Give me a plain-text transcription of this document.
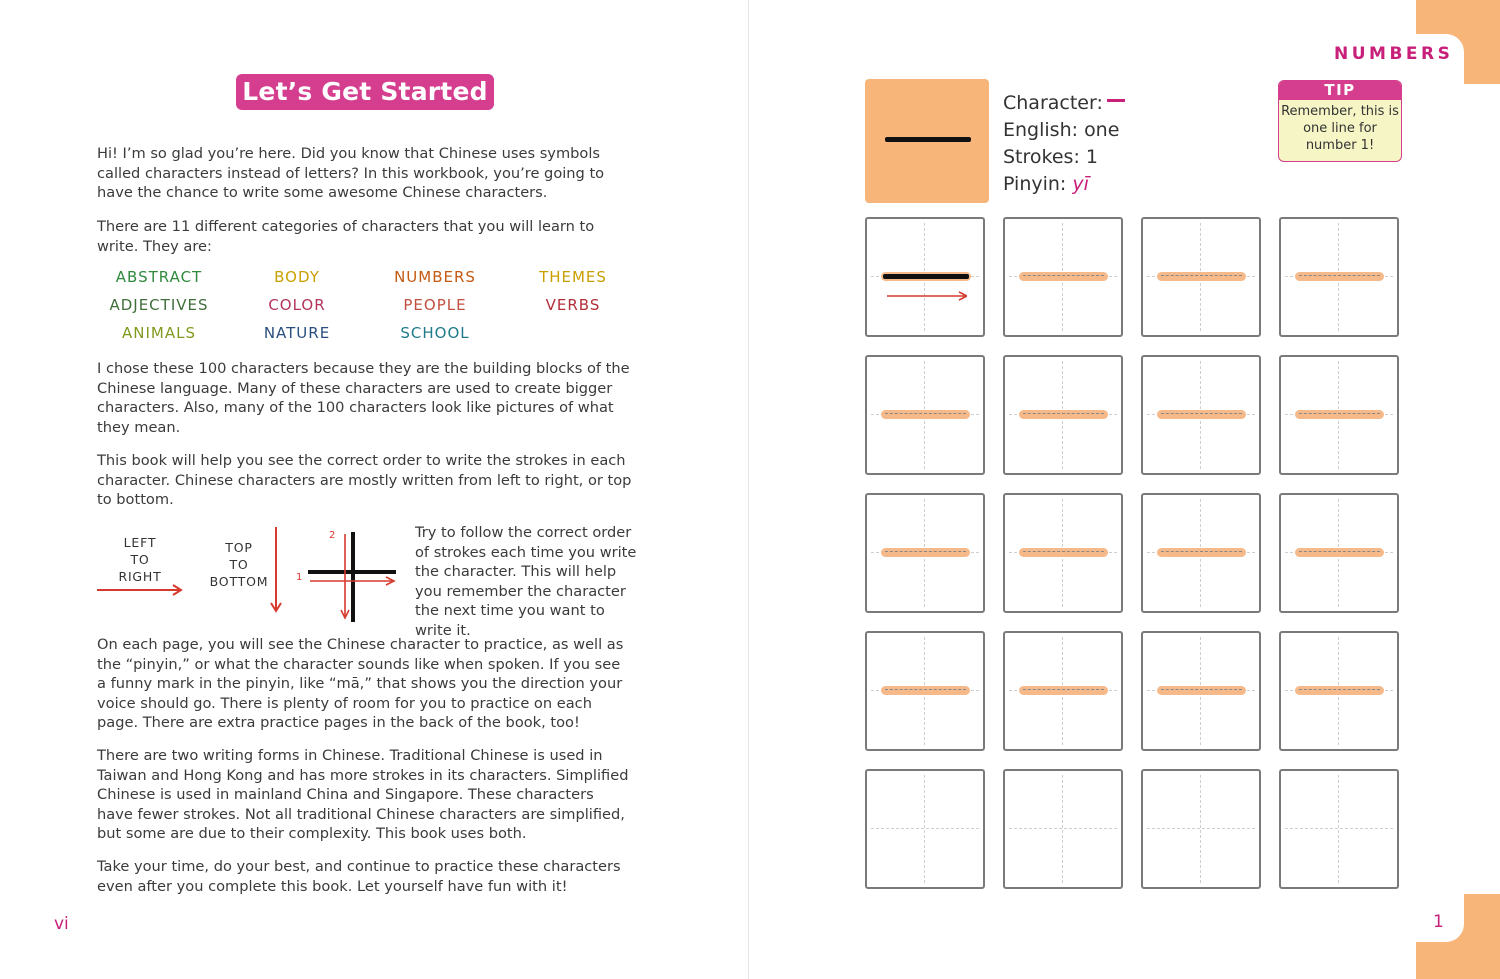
Let’s Get Started

Hi! I’m so glad you’re here. Did you know that Chinese uses symbols called characters instead of letters? In this workbook, you’re going to have the chance to write some awesome Chinese characters.

There are 11 different categories of characters that you will learn to write. They are:

ABSTRACT	BODY	NUMBERS	THEMES
ADJECTIVES	COLOR	PEOPLE	VERBS
ANIMALS	NATURE	SCHOOL

I chose these 100 characters because they are the building blocks of the Chinese language. Many of these characters are used to create bigger characters. Also, many of the 100 characters look like pictures of what they mean.

This book will help you see the correct order to write the strokes in each character. Chinese characters are mostly written from left to right, or top to bottom.

LEFT
TO
RIGHT
TOP
TO
BOTTOM
2
1
Try to follow the correct order of strokes each time you write the character. This will help you remember the character the next time you want to write it.

On each page, you will see the Chinese character to practice, as well as the “pinyin,” or what the character sounds like when spoken. If you see a funny mark in the pinyin, like “mā,” that shows you the direction your voice should go. There is plenty of room for you to practice on each page. There are extra practice pages in the back of the book, too!

There are two writing forms in Chinese. Traditional Chinese is used in Taiwan and Hong Kong and has more strokes in its characters. Simplified Chinese is used in mainland China and Singapore. These characters have fewer strokes. Not all traditional Chinese characters are simplified, but some are due to their complexity. This book uses both.

Take your time, do your best, and continue to practice these characters even after you complete this book. Let yourself have fun with it!

vi
NUMBERS
Character:
English: one
Strokes: 1
Pinyin: yī
TIP
Remember, this is one line for number 1!
1
